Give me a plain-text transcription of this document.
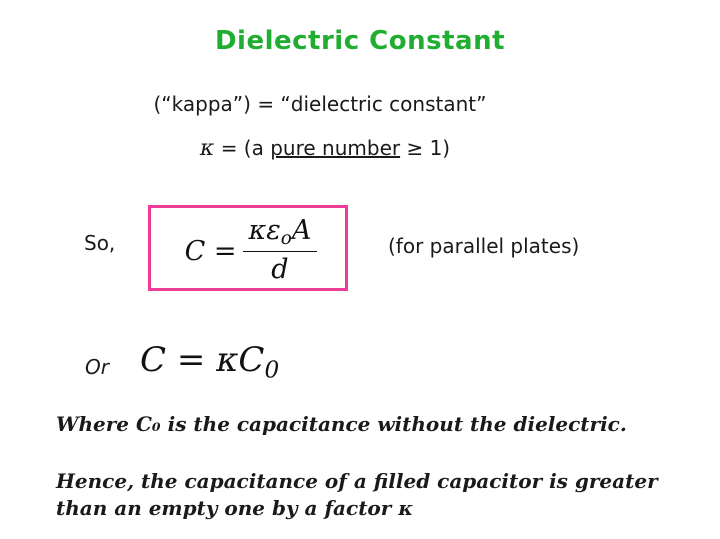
Dielectric Constant
(“kappa”) = “dielectric constant”
κ = (a pure number ≥ 1)
So,	$C = \frac{\kappa\varepsilon_oA}{d}$	(for parallel plates)
Or $C = \kappa C_0$
Where C₀ is the capacitance without the dielectric.
Hence, the capacitance of a filled capacitor is greater than an empty one by a factor κ
